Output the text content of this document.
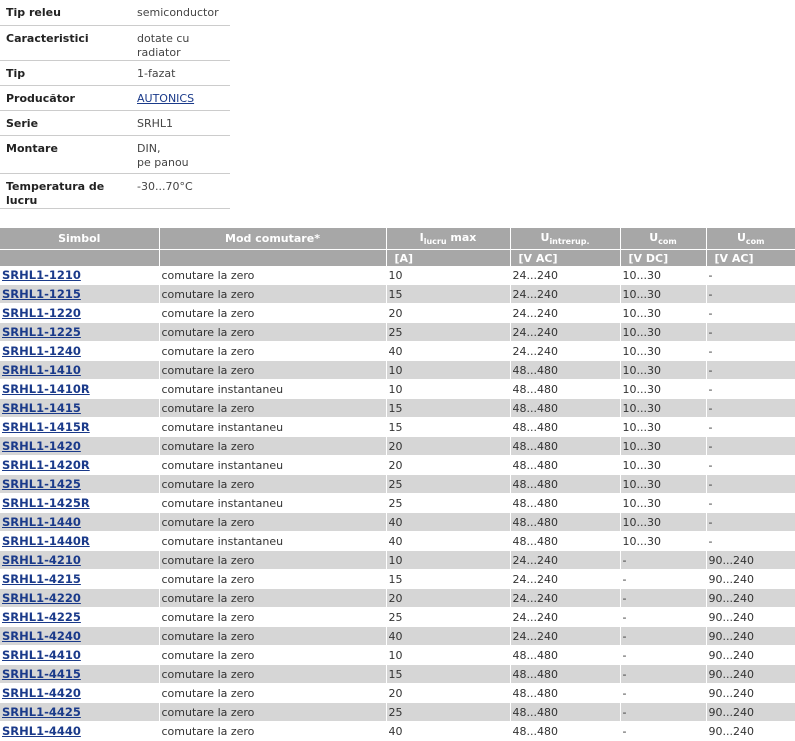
Tip releu	semiconductor
Caracteristici	dotate cu radiator
Tip	1-fazat
Producător	AUTONICS
Serie	SRHL1
Montare	DIN,
pe panou
Temperatura de lucru	-30...70°C
Simbol	Mod comutare*	$I_{lucru}$ max	$U_{intrerup.}$	$U_{com}$	$U_{com}$
		[A]	[V AC]	[V DC]	[V AC]
SRHL1-1210	comutare la zero	10	24...240	10...30	-
SRHL1-1215	comutare la zero	15	24...240	10...30	-
SRHL1-1220	comutare la zero	20	24...240	10...30	-
SRHL1-1225	comutare la zero	25	24...240	10...30	-
SRHL1-1240	comutare la zero	40	24...240	10...30	-
SRHL1-1410	comutare la zero	10	48...480	10...30	-
SRHL1-1410R	comutare instantaneu	10	48...480	10...30	-
SRHL1-1415	comutare la zero	15	48...480	10...30	-
SRHL1-1415R	comutare instantaneu	15	48...480	10...30	-
SRHL1-1420	comutare la zero	20	48...480	10...30	-
SRHL1-1420R	comutare instantaneu	20	48...480	10...30	-
SRHL1-1425	comutare la zero	25	48...480	10...30	-
SRHL1-1425R	comutare instantaneu	25	48...480	10...30	-
SRHL1-1440	comutare la zero	40	48...480	10...30	-
SRHL1-1440R	comutare instantaneu	40	48...480	10...30	-
SRHL1-4210	comutare la zero	10	24...240	-	90...240
SRHL1-4215	comutare la zero	15	24...240	-	90...240
SRHL1-4220	comutare la zero	20	24...240	-	90...240
SRHL1-4225	comutare la zero	25	24...240	-	90...240
SRHL1-4240	comutare la zero	40	24...240	-	90...240
SRHL1-4410	comutare la zero	10	48...480	-	90...240
SRHL1-4415	comutare la zero	15	48...480	-	90...240
SRHL1-4420	comutare la zero	20	48...480	-	90...240
SRHL1-4425	comutare la zero	25	48...480	-	90...240
SRHL1-4440	comutare la zero	40	48...480	-	90...240
